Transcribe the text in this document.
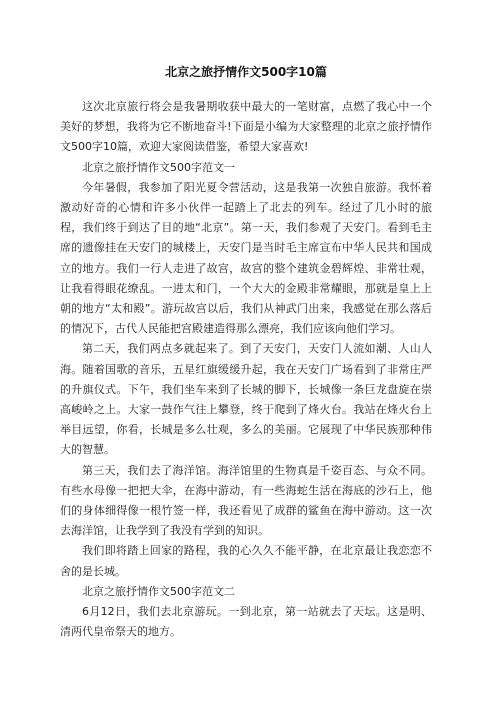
北京之旅抒情作文500字10篇

这次北京旅行将会是我暑期收获中最大的一笔财富，点燃了我心中一个美好的梦想，我将为它不断地奋斗!下面是小编为大家整理的北京之旅抒情作文500字10篇，欢迎大家阅读借鉴，希望大家喜欢!

北京之旅抒情作文500字范文一

今年暑假，我参加了阳光夏令营活动，这是我第一次独自旅游。我怀着激动好奇的心情和许多小伙伴一起踏上了北去的列车。经过了几小时的旅程，我们终于到达了目的地“北京”。第一天，我们参观了天安门。看到毛主席的遗像挂在天安门的城楼上，天安门是当时毛主席宣布中华人民共和国成立的地方。我们一行人走进了故宫，故宫的整个建筑金碧辉煌、非常壮观，让我看得眼花缭乱。一进太和门，一个大大的金殿非常耀眼，那就是皇上上朝的地方“太和殿”。游玩故宫以后，我们从神武门出来，我感觉在那么落后的情况下，古代人民能把宫殿建造得那么漂亮，我们应该向他们学习。

第二天，我们两点多就起来了。到了天安门，天安门人流如潮、人山人海。随着国歌的音乐，五星红旗缓缓升起，我在天安门广场看到了非常庄严的升旗仪式。下午，我们坐车来到了长城的脚下，长城像一条巨龙盘旋在崇高峻岭之上。大家一鼓作气往上攀登，终于爬到了烽火台。我站在烽火台上举目远望，你看，长城是多么壮观，多么的美丽。它展现了中华民族那种伟大的智慧。

第三天，我们去了海洋馆。海洋馆里的生物真是千姿百态、与众不同。有些水母像一把把大伞，在海中游动，有一些海蛇生活在海底的沙石上，他们的身体细得像一根竹签一样，我还看见了成群的鲨鱼在海中游动。这一次去海洋馆，让我学到了我没有学到的知识。

我们即将踏上回家的路程，我的心久久不能平静，在北京最让我恋恋不舍的是长城。

北京之旅抒情作文500字范文二

6月12日，我们去北京游玩。一到北京，第一站就去了天坛。这是明、清两代皇帝祭天的地方。
